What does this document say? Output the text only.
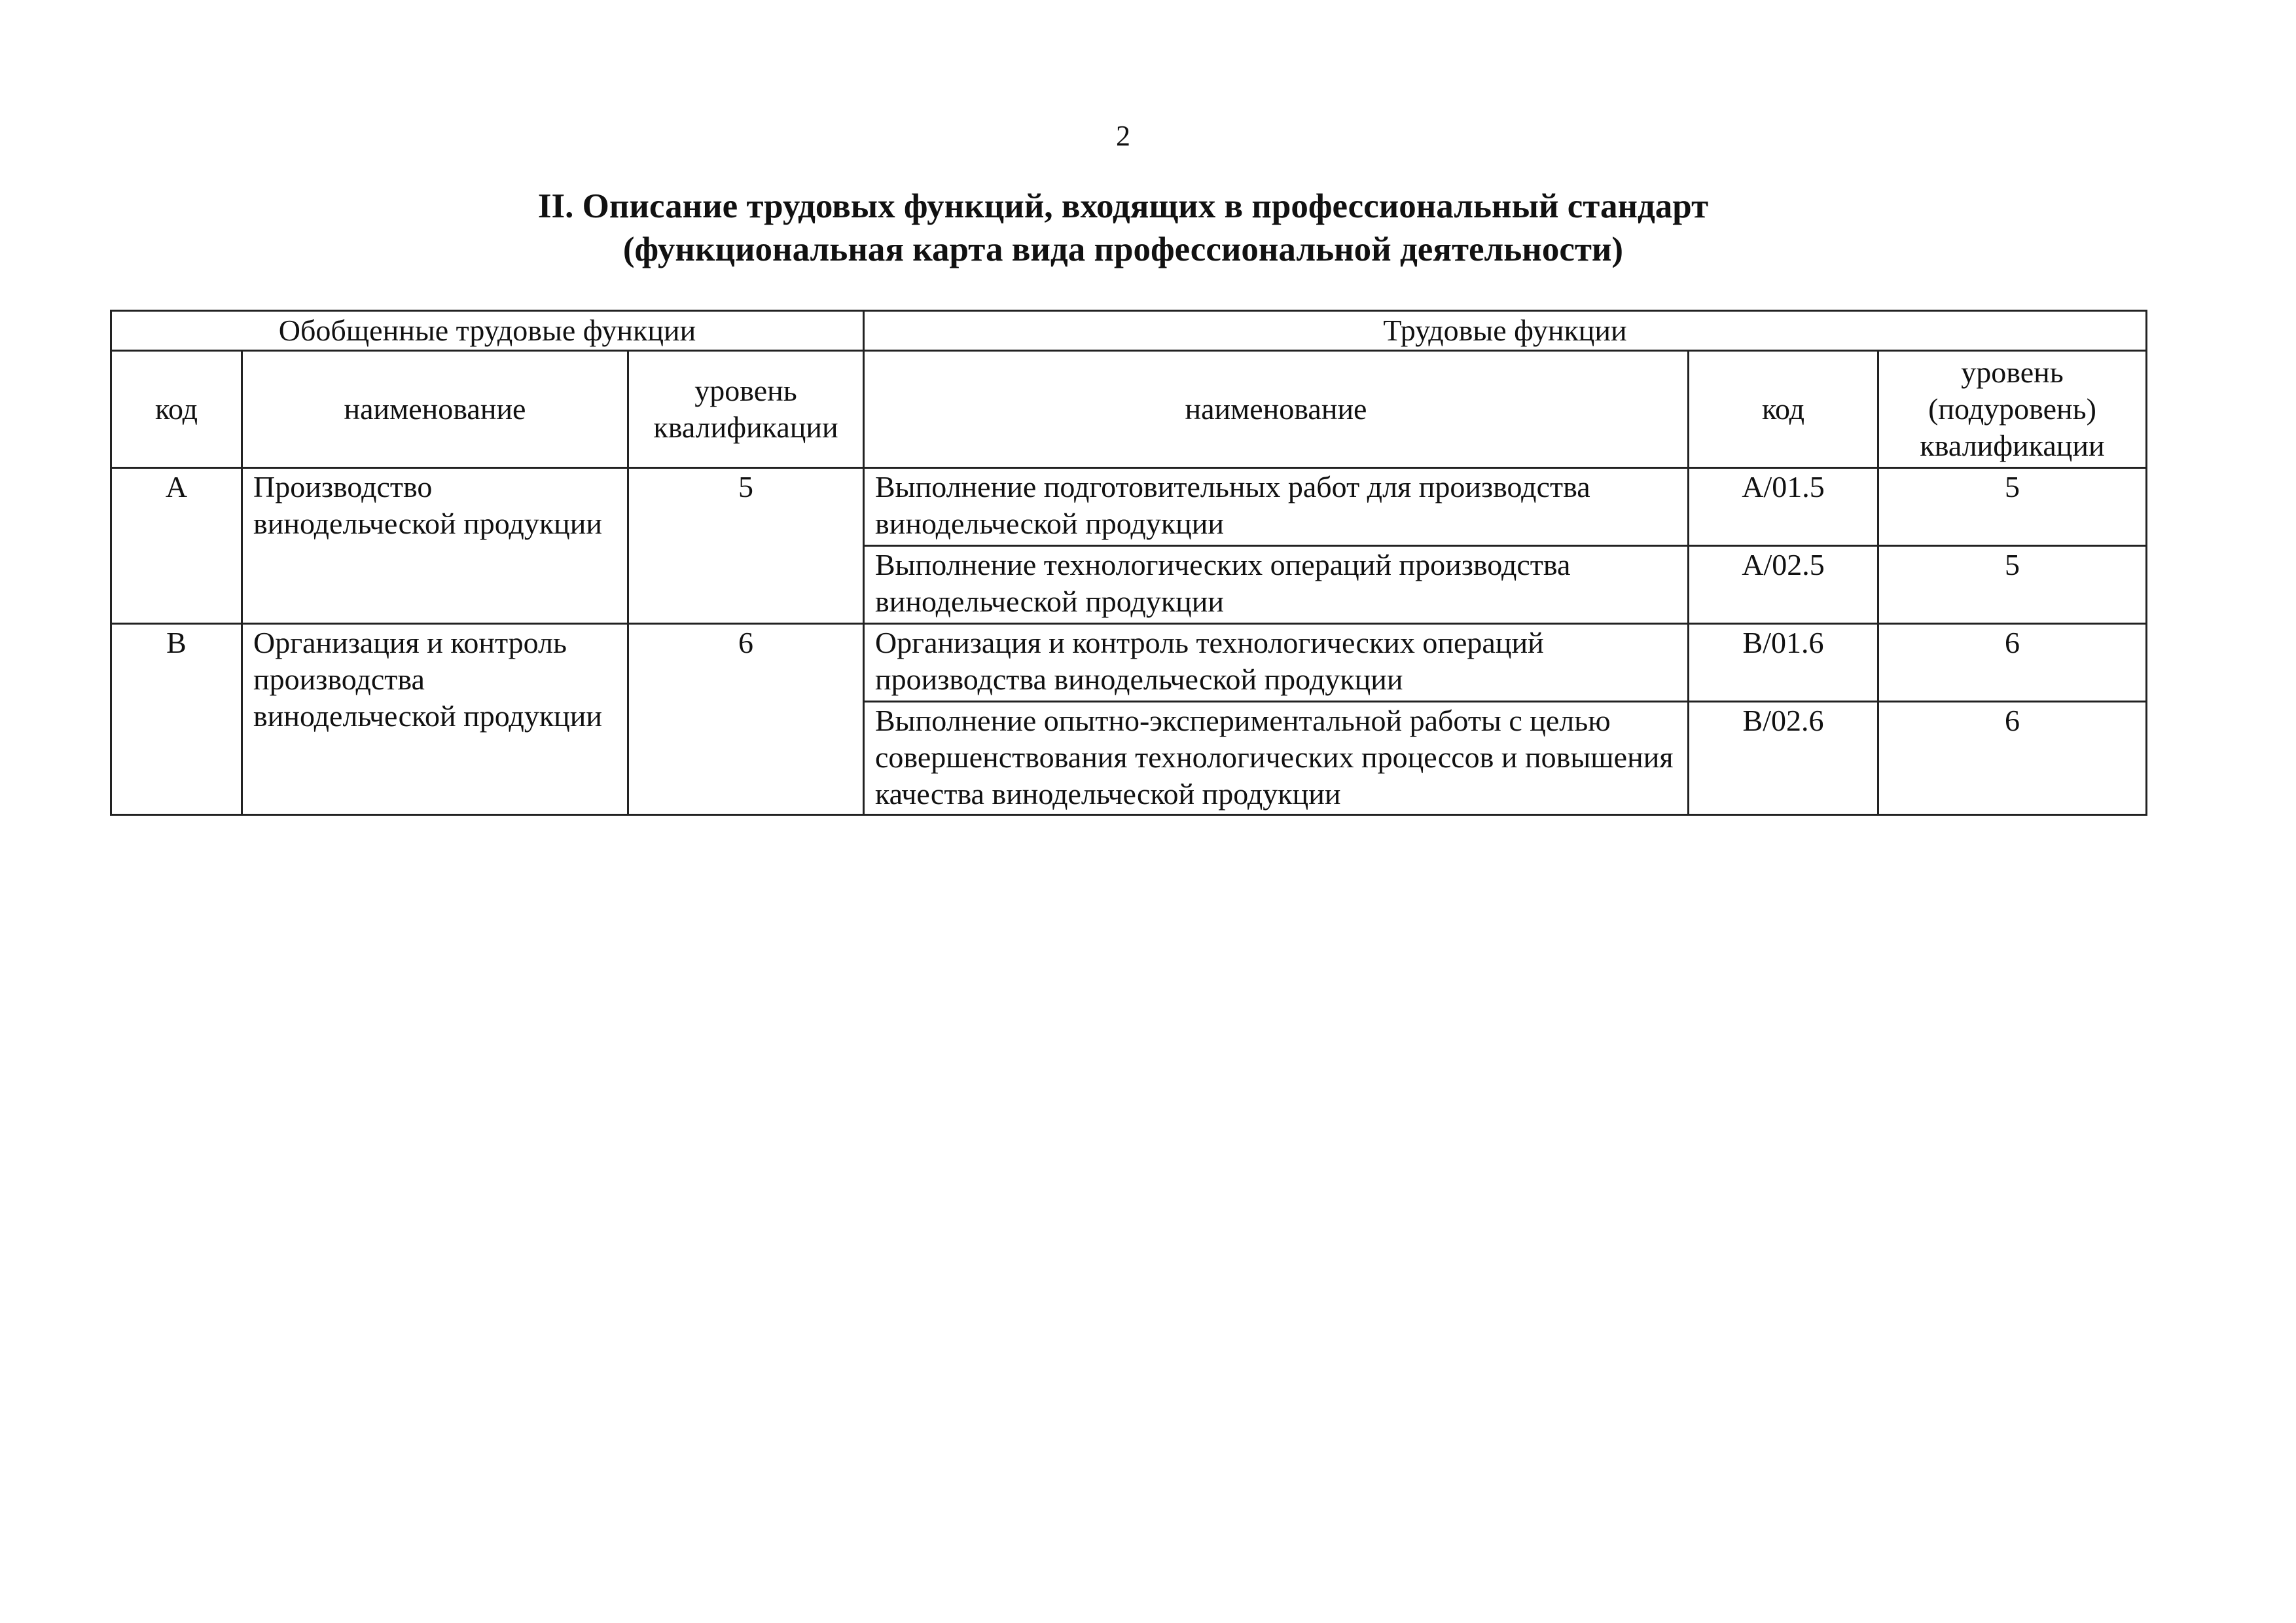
2
II. Описание трудовых функций, входящих в профессиональный стандарт
(функциональная карта вида профессиональной деятельности)
Обобщенные трудовые функции			Трудовые функции		
код	наименование	уровень квалификации	наименование	код	уровень (подуровень) квалификации
А	Производство винодельческой продукции	5	Выполнение подготовительных работ для производства винодельческой продукции	А/01.5	5
			Выполнение технологических операций производства винодельческой продукции	А/02.5	5
В	Организация и контроль производства винодельческой продукции	6	Организация и контроль технологических операций производства винодельческой продукции	В/01.6	6
			Выполнение опытно-экспериментальной работы с целью совершенствования технологических процессов и повышения качества винодельческой продукции	В/02.6	6
